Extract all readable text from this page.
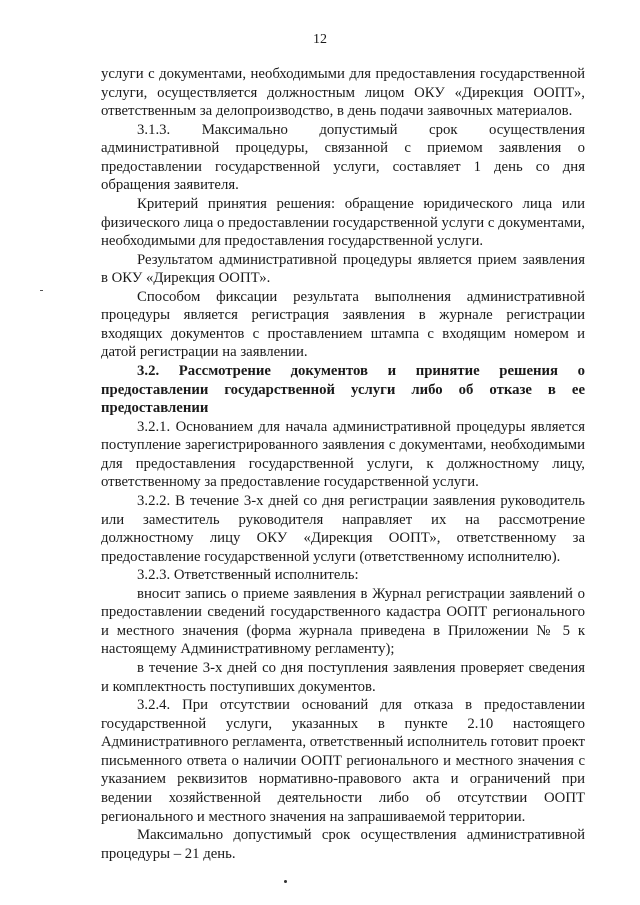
12

услуги с документами, необходимыми для предоставления государственной услуги, осуществляется должностным лицом ОКУ «Дирекция ООПТ», ответственным за делопроизводство, в день подачи заявочных материалов.

3.1.3. Максимально допустимый срок осуществления административной процедуры, связанной с приемом заявления о предоставлении государственной услуги, составляет 1 день со дня обращения заявителя.

Критерий принятия решения: обращение юридического лица или физического лица о предоставлении государственной услуги с документами, необходимыми для предоставления государственной услуги.

Результатом административной процедуры является прием заявления в ОКУ «Дирекция ООПТ».

Способом фиксации результата выполнения административной процедуры является регистрация заявления в журнале регистрации входящих документов с проставлением штампа с входящим номером и датой регистрации на заявлении.

3.2. Рассмотрение документов и принятие решения о предоставлении государственной услуги либо об отказе в ее предоставлении

3.2.1. Основанием для начала административной процедуры является поступление зарегистрированного заявления с документами, необходимыми для предоставления государственной услуги, к должностному лицу, ответственному за предоставление государственной услуги.

3.2.2. В течение 3-х дней со дня регистрации заявления руководитель или заместитель руководителя направляет их на рассмотрение должностному лицу ОКУ «Дирекция ООПТ», ответственному за предоставление государственной услуги (ответственному исполнителю).

3.2.3. Ответственный исполнитель:

вносит запись о приеме заявления в Журнал регистрации заявлений о предоставлении сведений государственного кадастра ООПТ регионального и местного значения (форма журнала приведена в Приложении № 5 к настоящему Административному регламенту);

в течение 3-х дней со дня поступления заявления проверяет сведения и комплектность поступивших документов.

3.2.4. При отсутствии оснований для отказа в предоставлении государственной услуги, указанных в пункте 2.10 настоящего Административного регламента, ответственный исполнитель готовит проект письменного ответа о наличии ООПТ регионального и местного значения с указанием реквизитов нормативно-правового акта и ограничений при ведении хозяйственной деятельности либо об отсутствии ООПТ регионального и местного значения на запрашиваемой территории.

Максимально допустимый срок осуществления административной процедуры – 21 день.
